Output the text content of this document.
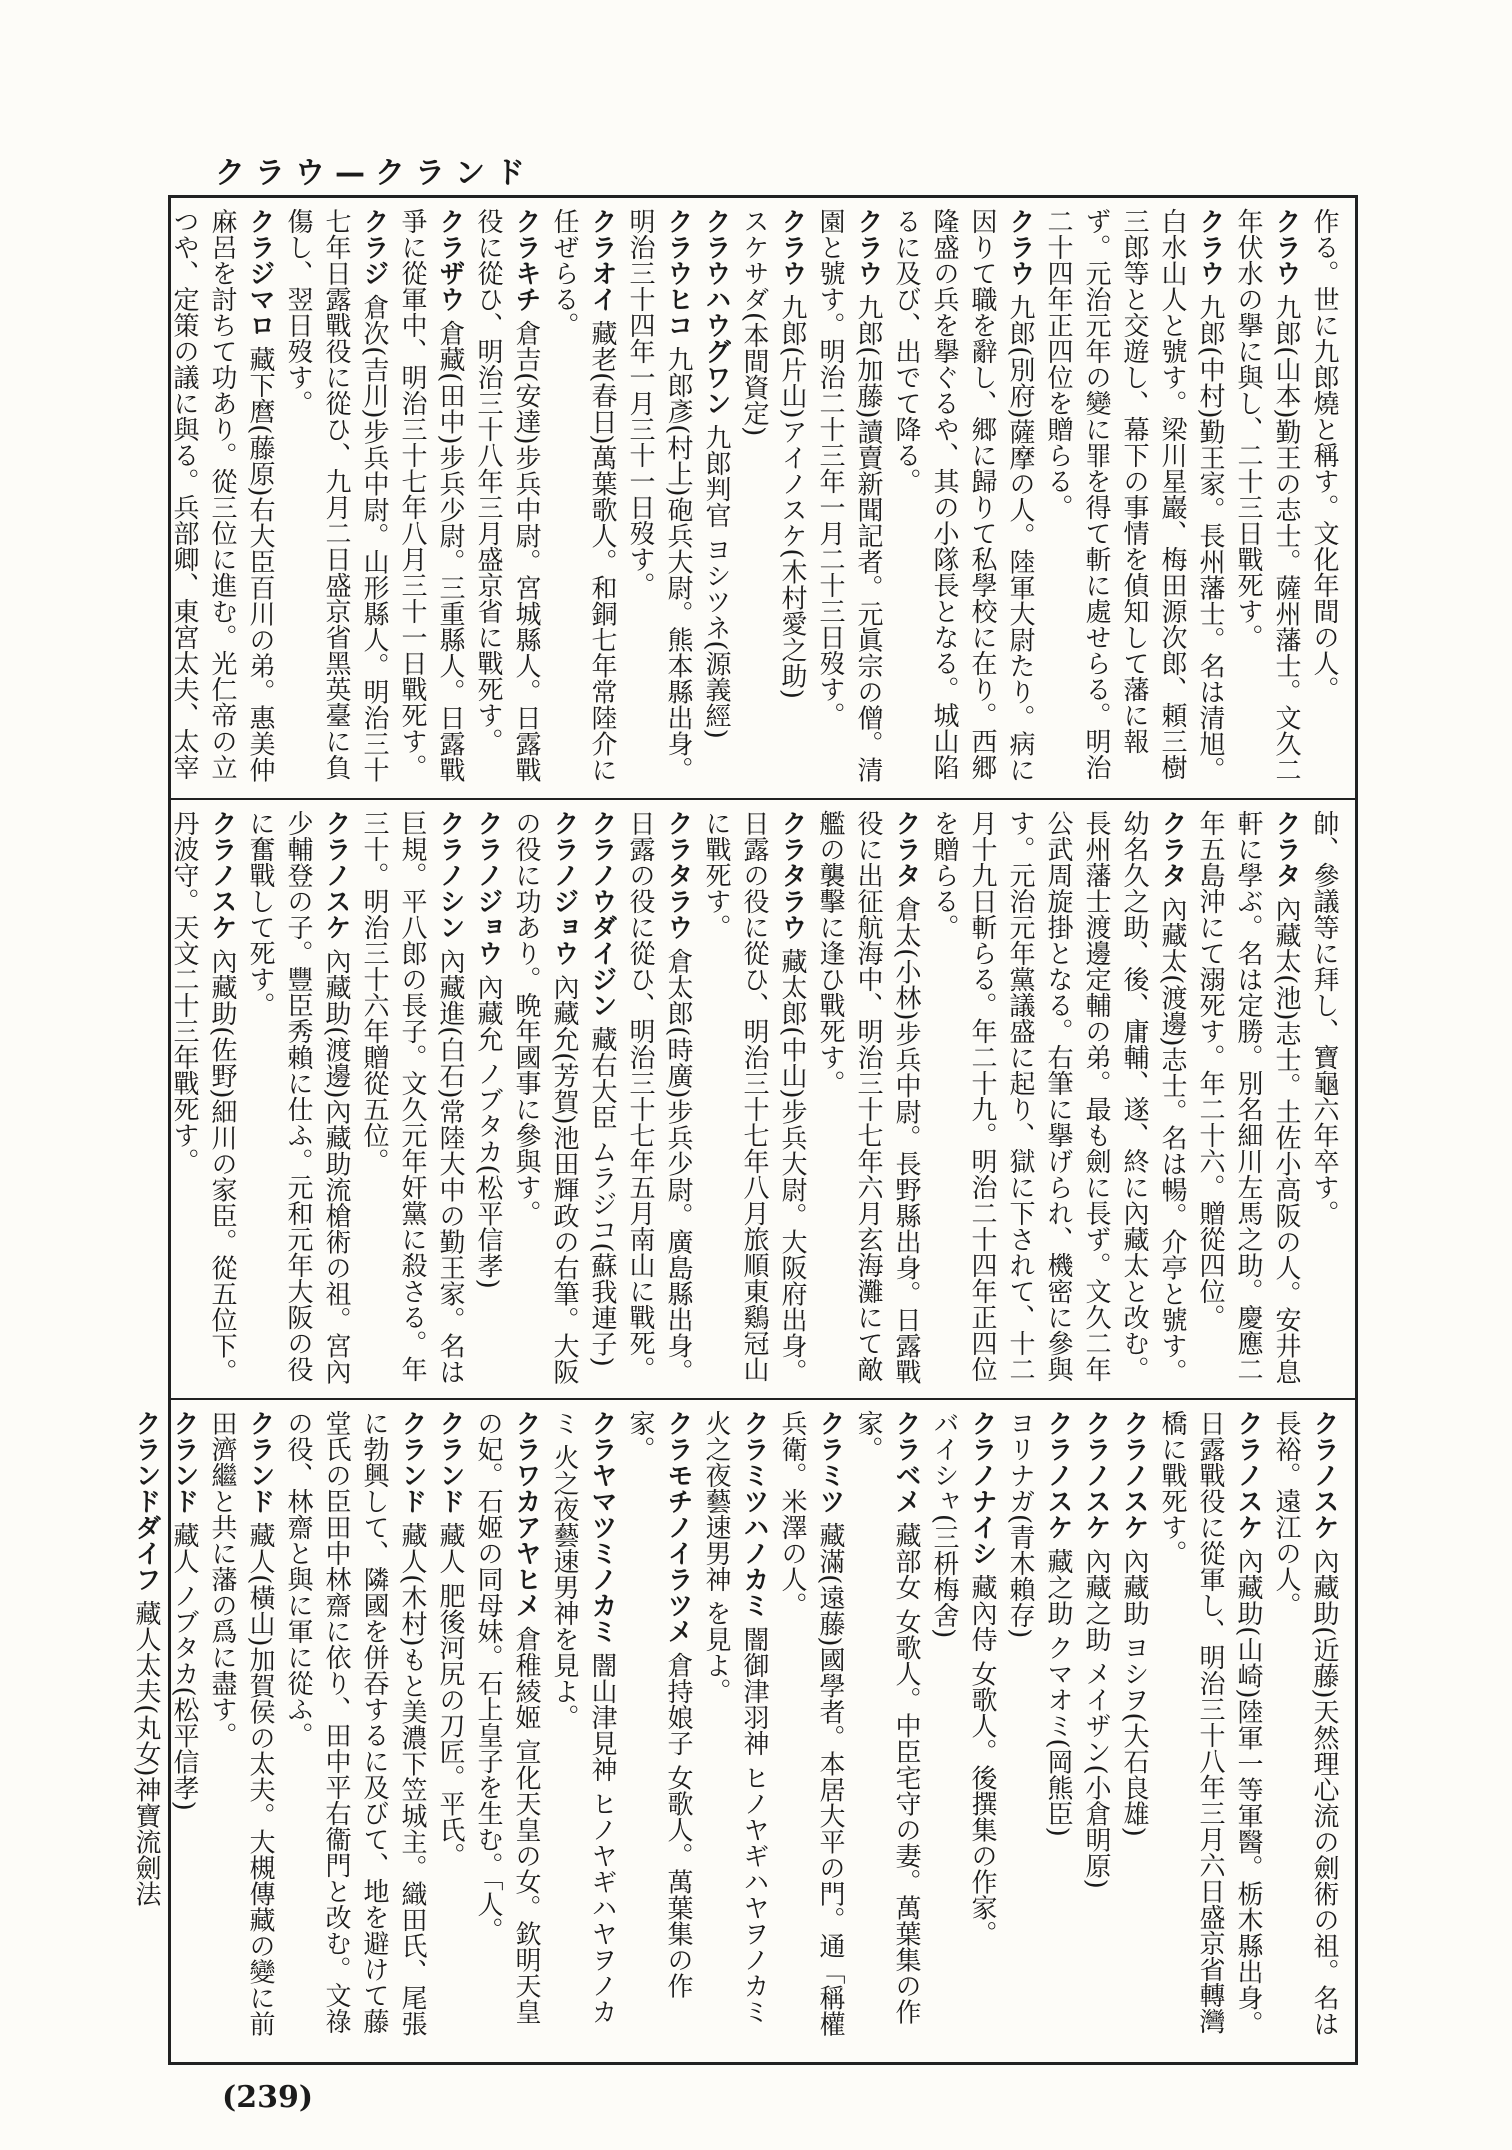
クラウ—クランド

作る。世に九郎燒と稱す。文化年間の人。

クラウ 九郎(山本)勤王の志士。薩州藩士。文久二年伏水の擧に與し、二十三日戰死す。

クラウ 九郎(中村)勤王家。長州藩士。名は清旭。白水山人と號す。梁川星巖、梅田源次郎、頼三樹三郎等と交遊し、幕下の事情を偵知して藩に報ず。元治元年の變に罪を得て斬に處せらる。明治二十四年正四位を贈らる。

クラウ 九郎(別府)薩摩の人。陸軍大尉たり。病に因りて職を辭し、郷に歸りて私學校に在り。西郷隆盛の兵を擧ぐるや、其の小隊長となる。城山陷るに及び、出でて降る。

クラウ 九郎(加藤)讀賣新聞記者。元眞宗の僧。清園と號す。明治二十三年一月二十三日歿す。

クラウ 九郎(片山)アイノスケ(木村愛之助)

スケサダ(本間資定)

クラウハウグワン 九郎判官 ヨシツネ(源義經)

クラウヒコ 九郎彥(村上)砲兵大尉。熊本縣出身。明治三十四年一月三十一日歿す。

クラオイ 藏老(春日)萬葉歌人。和銅七年常陸介に任ぜらる。

クラキチ 倉吉(安達)步兵中尉。宮城縣人。日露戰役に從ひ、明治三十八年三月盛京省に戰死す。

クラザウ 倉藏(田中)步兵少尉。三重縣人。日露戰爭に從軍中、明治三十七年八月三十一日戰死す。

クラジ 倉次(吉川)步兵中尉。山形縣人。明治三十七年日露戰役に從ひ、九月二日盛京省黑英臺に負傷し、翌日歿す。

クラジマロ 藏下麿(藤原)右大臣百川の弟。惠美仲麻呂を討ちて功あり。從三位に進む。光仁帝の立つや、定策の議に與る。兵部卿、東宮太夫、太宰

帥、參議等に拜し、寶龜六年卒す。

クラタ 內藏太(池)志士。土佐小高阪の人。安井息軒に學ぶ。名は定勝。別名細川左馬之助。慶應二年五島沖にて溺死す。年二十六。贈從四位。

クラタ 內藏太(渡邊)志士。名は暢。介亭と號す。幼名久之助、後、庸輔、遂、終に內藏太と改む。長州藩士渡邊定輔の弟。最も劍に長ず。文久二年公武周旋掛となる。右筆に擧げられ、機密に參與す。元治元年黨議盛に起り、獄に下されて、十二月十九日斬らる。年二十九。明治二十四年正四位を贈らる。

クラタ 倉太(小林)步兵中尉。長野縣出身。日露戰役に出征航海中、明治三十七年六月玄海灘にて敵艦の襲擊に逢ひ戰死す。

クラタラウ 藏太郎(中山)步兵大尉。大阪府出身。日露の役に從ひ、明治三十七年八月旅順東鷄冠山に戰死す。

クラタラウ 倉太郎(時廣)步兵少尉。廣島縣出身。日露の役に從ひ、明治三十七年五月南山に戰死。

クラノウダイジン 藏右大臣 ムラジコ(蘇我連子)

クラノジョウ 內藏允(芳賀)池田輝政の右筆。大阪の役に功あり。晩年國事に參與す。

クラノジョウ 內藏允 ノブタカ(松平信孝)

クラノシン 內藏進(白石)常陸大中の勤王家。名は巨規。平八郎の長子。文久元年奸黨に殺さる。年三十。明治三十六年贈從五位。

クラノスケ 內藏助(渡邊)內藏助流槍術の祖。宮內少輔登の子。豐臣秀賴に仕ふ。元和元年大阪の役に奮戰して死す。

クラノスケ 內藏助(佐野)細川の家臣。從五位下。丹波守。天文二十三年戰死す。

クラノスケ 內藏助(近藤)天然理心流の劍術の祖。名は長裕。遠江の人。

クラノスケ 內藏助(山崎)陸軍一等軍醫。栃木縣出身。日露戰役に從軍し、明治三十八年三月六日盛京省轉灣橋に戰死す。

クラノスケ 內藏助 ヨシヲ(大石良雄)

クラノスケ 內藏之助 メイザン(小倉明原)

クラノスケ 藏之助 クマオミ(岡熊臣)

ヨリナガ(青木賴存)

クラノナイシ 藏內侍 女歌人。後撰集の作家。

バイシャ(三枡梅舍)

クラベメ 藏部女 女歌人。中臣宅守の妻。萬葉集の作家。

クラミツ 藏滿(遠藤)國學者。本居大平の門。通「稱權兵衛。米澤の人。

クラミツハノカミ 闇御津羽神 ヒノヤギハヤヲノカミ 火之夜藝速男神 を見よ。

クラモチノイラツメ 倉持娘子 女歌人。萬葉集の作家。

クラヤマツミノカミ 闇山津見神 ヒノヤギハヤヲノカミ 火之夜藝速男神を見よ。

クラワカアヤヒメ 倉稚綾姬 宣化天皇の女。欽明天皇の妃。石姬の同母妹。石上皇子を生む。「人。

クランド 藏人 肥後河尻の刀匠。平氏。

クランド 藏人(木村)もと美濃下笠城主。織田氏、尾張に勃興して、隣國を併吞するに及びて、地を避けて藤堂氏の臣田中林齋に依り、田中平右衞門と改む。文祿の役、林齋と與に軍に從ふ。

クランド 藏人(橫山)加賀侯の太夫。大槻傳藏の變に前田濟繼と共に藩の爲に盡す。

クランド 藏人 ノブタカ(松平信孝)

クランドダイフ 藏人太夫(丸女)神寶流劍法

(239)
